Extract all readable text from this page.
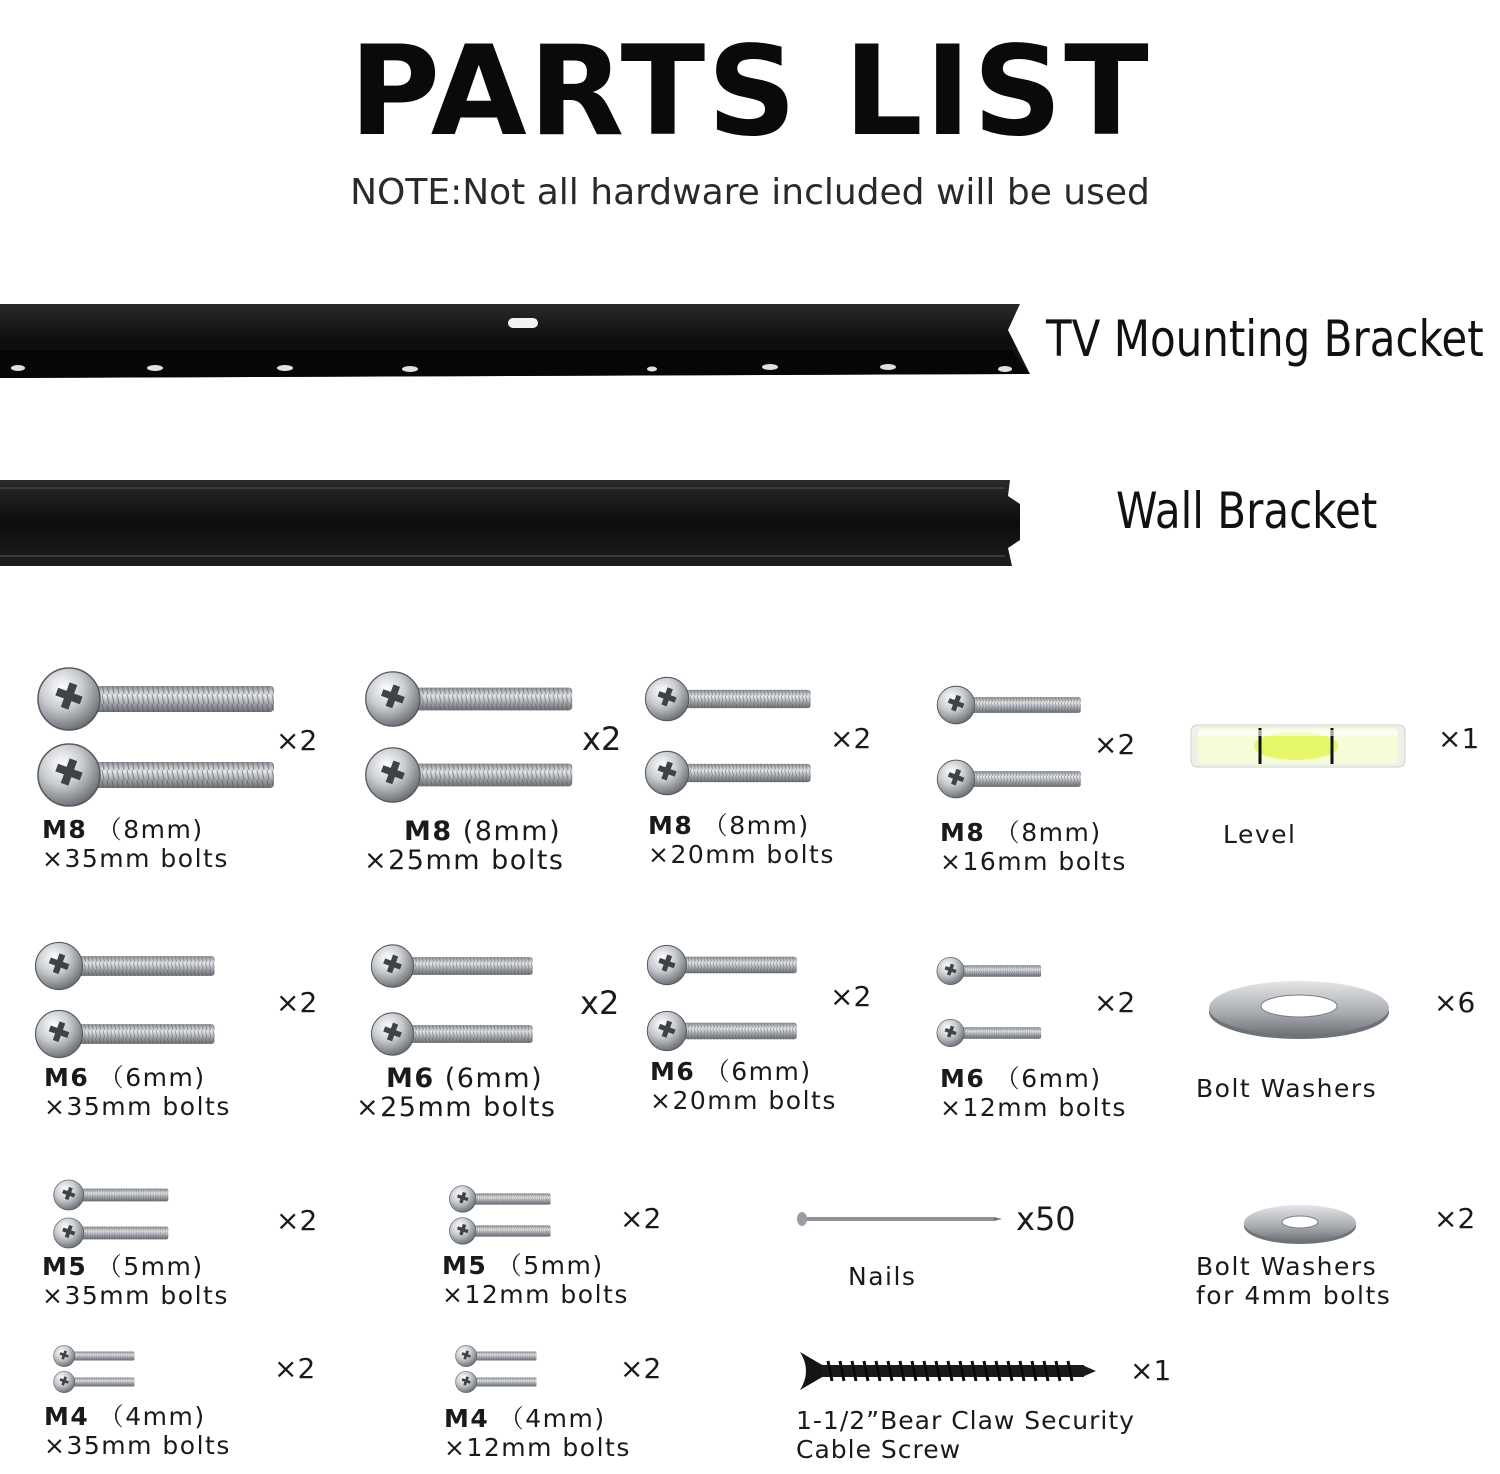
PARTS LIST
NOTE:Not all hardware included will be used
TV Mounting Bracket
Wall Bracket
×2
M8 （8mm)
×35mm bolts
x2
M8 (8mm)
×25mm bolts
×2
M8 （8mm)
×20mm bolts
×2
M8 （8mm)
×16mm bolts
×1
Level
×2
M6 （6mm)
×35mm bolts
x2
M6 (6mm)
×25mm bolts
×2
M6 （6mm)
×20mm bolts
×2
M6 （6mm)
×12mm bolts
×6
Bolt Washers
×2
M5 （5mm)
×35mm bolts
×2
M5 （5mm)
×12mm bolts
x50
Nails
×2
Bolt Washers
for 4mm bolts
×2
M4 （4mm)
×35mm bolts
×2
M4 （4mm)
×12mm bolts
×1
1-1/2”Bear Claw Security
Cable Screw
